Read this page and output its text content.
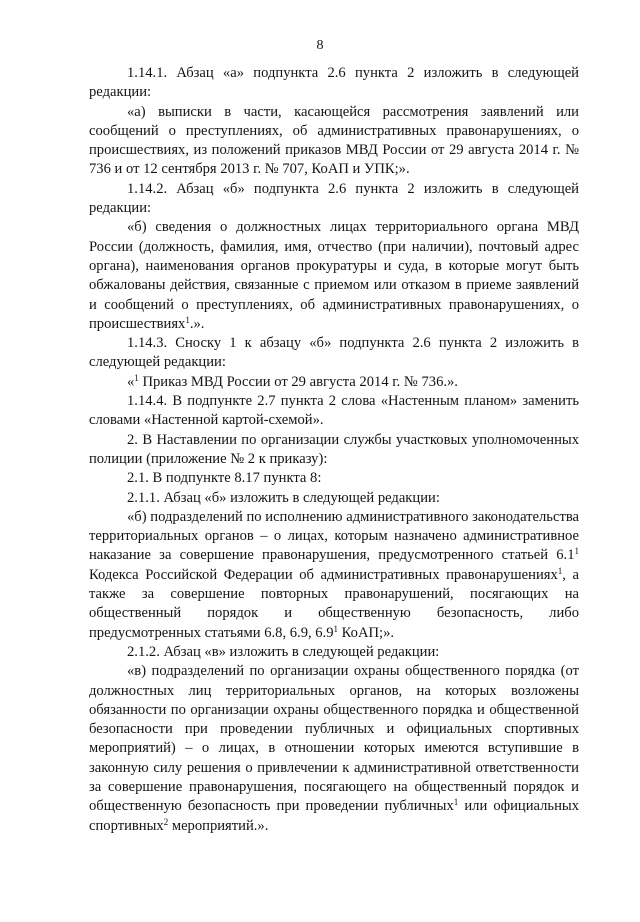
8

1.14.1. Абзац «а» подпункта 2.6 пункта 2 изложить в следующей редакции:

«а) выписки в части, касающейся рассмотрения заявлений или сообщений о преступлениях, об административных правонарушениях, о происшествиях, из положений приказов МВД России от 29 августа 2014 г. № 736 и от 12 сентября 2013 г. № 707, КоАП и УПК;».

1.14.2. Абзац «б» подпункта 2.6 пункта 2 изложить в следующей редакции:

«б) сведения о должностных лицах территориального органа МВД России (должность, фамилия, имя, отчество (при наличии), почтовый адрес органа), наименования органов прокуратуры и суда, в которые могут быть обжалованы действия, связанные с приемом или отказом в приеме заявлений и сообщений о преступлениях, об административных правонарушениях, о происшествиях$^1$.».

1.14.3. Сноску 1 к абзацу «б» подпункта 2.6 пункта 2 изложить в следующей редакции:

«$^1$ Приказ МВД России от 29 августа 2014 г. № 736.».

1.14.4. В подпункте 2.7 пункта 2 слова «Настенным планом» заменить словами «Настенной картой-схемой».

2. В Наставлении по организации службы участковых уполномоченных полиции (приложение № 2 к приказу):

2.1. В подпункте 8.17 пункта 8:

2.1.1. Абзац «б» изложить в следующей редакции:

«б) подразделений по исполнению административного законодательства территориальных органов – о лицах, которым назначено административное наказание за совершение правонарушения, предусмотренного статьей $6.1^1$ Кодекса Российской Федерации об административных правонарушениях$^1$, а также за совершение повторных правонарушений, посягающих на общественный порядок и общественную безопасность, либо предусмотренных статьями 6.8, 6.9, $6.9^1$ КоАП;».

2.1.2. Абзац «в» изложить в следующей редакции:

«в) подразделений по организации охраны общественного порядка (от должностных лиц территориальных органов, на которых возложены обязанности по организации охраны общественного порядка и общественной безопасности при проведении публичных и официальных спортивных мероприятий) – о лицах, в отношении которых имеются вступившие в законную силу решения о привлечении к административной ответственности за совершение правонарушения, посягающего на общественный порядок и общественную безопасность при проведении публичных$^1$ или официальных спортивных$^2$ мероприятий.».
